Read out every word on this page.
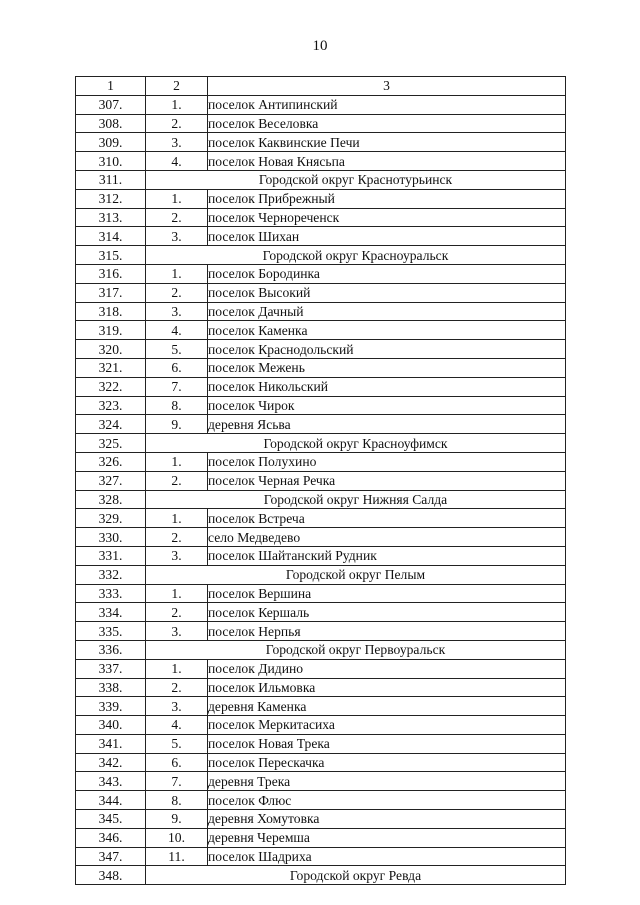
10
1	2	3
307.	1.	поселок Антипинский
308.	2.	поселок Веселовка
309.	3.	поселок Каквинские Печи
310.	4.	поселок Новая Княсьпа
311.	Городской округ Краснотурьинск	
312.	1.	поселок Прибрежный
313.	2.	поселок Чернореченск
314.	3.	поселок Шихан
315.	Городской округ Красноуральск	
316.	1.	поселок Бородинка
317.	2.	поселок Высокий
318.	3.	поселок Дачный
319.	4.	поселок Каменка
320.	5.	поселок Краснодольский
321.	6.	поселок Межень
322.	7.	поселок Никольский
323.	8.	поселок Чирок
324.	9.	деревня Ясьва
325.	Городской округ Красноуфимск	
326.	1.	поселок Полухино
327.	2.	поселок Черная Речка
328.	Городской округ Нижняя Салда	
329.	1.	поселок Встреча
330.	2.	село Медведево
331.	3.	поселок Шайтанский Рудник
332.	Городской округ Пелым	
333.	1.	поселок Вершина
334.	2.	поселок Кершаль
335.	3.	поселок Нерпья
336.	Городской округ Первоуральск	
337.	1.	поселок Дидино
338.	2.	поселок Ильмовка
339.	3.	деревня Каменка
340.	4.	поселок Меркитасиха
341.	5.	поселок Новая Трека
342.	6.	поселок Перескачка
343.	7.	деревня Трека
344.	8.	поселок Флюс
345.	9.	деревня Хомутовка
346.	10.	деревня Черемша
347.	11.	поселок Шадриха
348.	Городской округ Ревда	
